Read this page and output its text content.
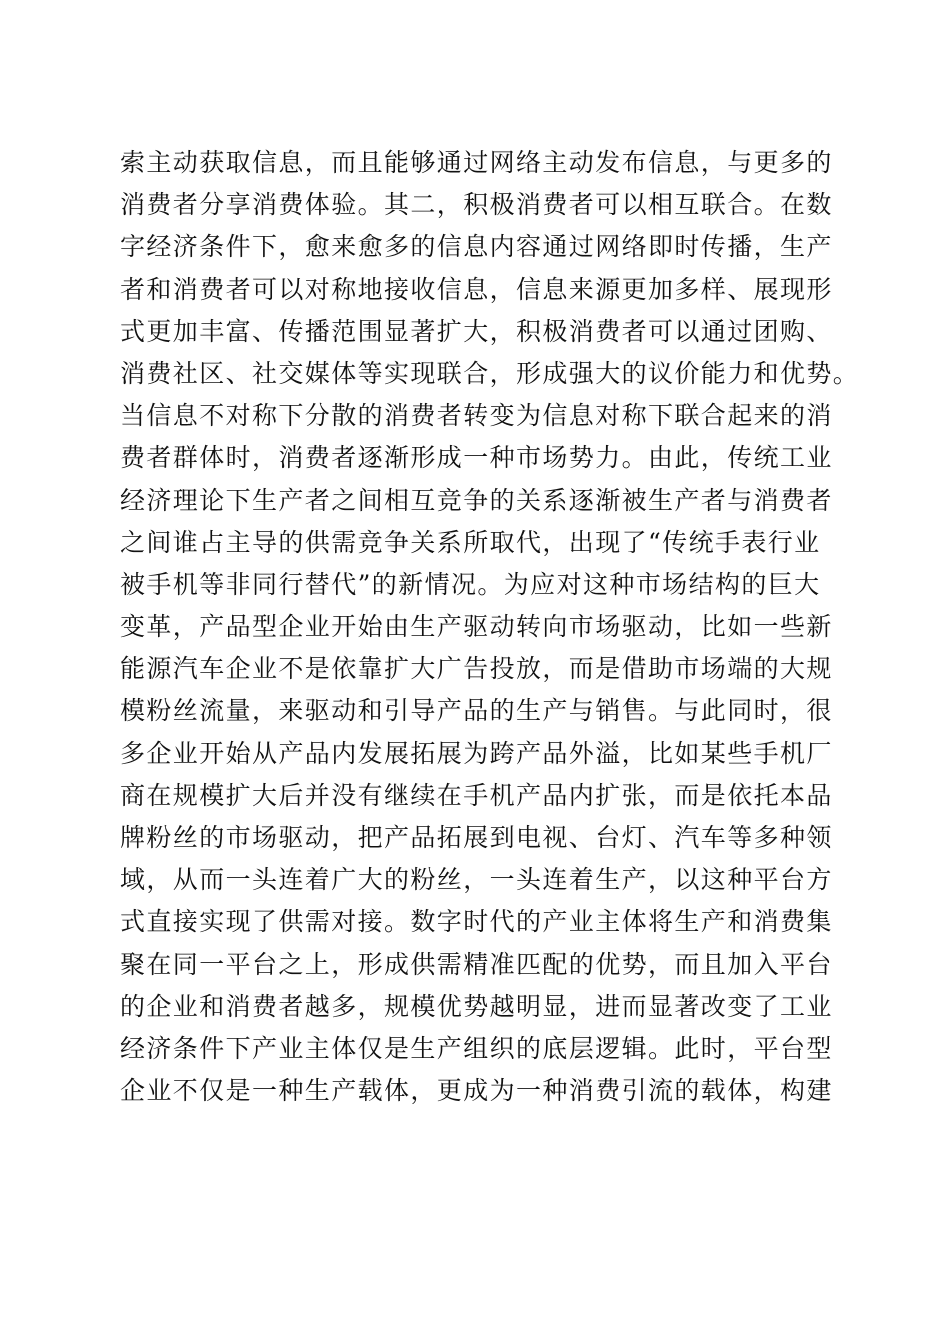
索主动获取信息，而且能够通过网络主动发布信息，与更多的
消费者分享消费体验。其二，积极消费者可以相互联合。在数
字经济条件下，愈来愈多的信息内容通过网络即时传播，生产
者和消费者可以对称地接收信息，信息来源更加多样、展现形
式更加丰富、传播范围显著扩大，积极消费者可以通过团购、
消费社区、社交媒体等实现联合，形成强大的议价能力和优势。
当信息不对称下分散的消费者转变为信息对称下联合起来的消
费者群体时，消费者逐渐形成一种市场势力。由此，传统工业
经济理论下生产者之间相互竞争的关系逐渐被生产者与消费者
之间谁占主导的供需竞争关系所取代，出现了“传统手表行业
被手机等非同行替代”的新情况。为应对这种市场结构的巨大
变革，产品型企业开始由生产驱动转向市场驱动，比如一些新
能源汽车企业不是依靠扩大广告投放，而是借助市场端的大规
模粉丝流量，来驱动和引导产品的生产与销售。与此同时，很
多企业开始从产品内发展拓展为跨产品外溢，比如某些手机厂
商在规模扩大后并没有继续在手机产品内扩张，而是依托本品
牌粉丝的市场驱动，把产品拓展到电视、台灯、汽车等多种领
域，从而一头连着广大的粉丝，一头连着生产，以这种平台方
式直接实现了供需对接。数字时代的产业主体将生产和消费集
聚在同一平台之上，形成供需精准匹配的优势，而且加入平台
的企业和消费者越多，规模优势越明显，进而显著改变了工业
经济条件下产业主体仅是生产组织的底层逻辑。此时，平台型
企业不仅是一种生产载体，更成为一种消费引流的载体，构建
